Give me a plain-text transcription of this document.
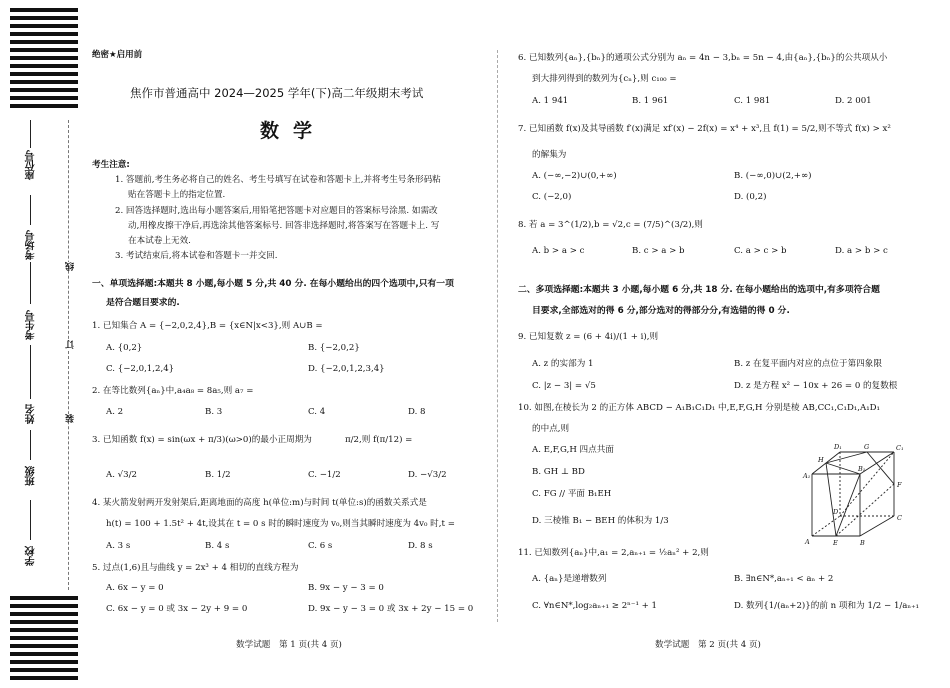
座位号
考场号
考生号
姓名
班级
学校
线
订
装
绝密★启用前
焦作市普通高中 2024—2025 学年(下)高二年级期末考试
数学
考生注意:
1. 答题前,考生务必将自己的姓名、考生号填写在试卷和答题卡上,并将考生号条形码粘
贴在答题卡上的指定位置.
2. 回答选择题时,选出每小题答案后,用铅笔把答题卡对应题目的答案标号涂黑. 如需改
动,用橡皮擦干净后,再选涂其他答案标号. 回答非选择题时,将答案写在答题卡上. 写
在本试卷上无效.
3. 考试结束后,将本试卷和答题卡一并交回.
一、单项选择题:本题共 8 小题,每小题 5 分,共 40 分. 在每小题给出的四个选项中,只有一项
是符合题目要求的.
1. 已知集合 A = {−2,0,2,4},B = {x∈N|x<3},则 A∪B =
A. {0,2}	B. {−2,0,2}
C. {−2,0,1,2,4}	D. {−2,0,1,2,3,4}
2. 在等比数列{aₙ}中,a₄a₈ = 8a₅,则 a₇ =
A. 2	B. 3	C. 4	D. 8
3. 已知函数 f(x) = sin(ωx + π/3)(ω>0)的最小正周期为	π/2,则 f(π/12) =
A. √3/2	B. 1/2	C. −1/2	D. −√3/2
4. 某火箭发射两开发射架后,距离地面的高度 h(单位:m)与时间 t(单位:s)的函数关系式是
h(t) = 100 + 1.5t² + 4t,设其在 t = 0 s 时的瞬时速度为 v₀,则当其瞬时速度为 4v₀ 时,t =
A. 3 s	B. 4 s	C. 6 s	D. 8 s
5. 过点(1,6)且与曲线 y = 2x³ + 4 相切的直线方程为
A. 6x − y = 0	B. 9x − y − 3 = 0
C. 6x − y = 0 或 3x − 2y + 9 = 0	D. 9x − y − 3 = 0 或 3x + 2y − 15 = 0
数学试题　第 1 页(共 4 页)
6. 已知数列{aₙ},{bₙ}的通项公式分别为 aₙ = 4n − 3,bₙ = 5n − 4,由{aₙ},{bₙ}的公共项从小
到大排列得到的数列为{cₙ},则 c₁₀₀ =
A. 1 941	B. 1 961	C. 1 981	D. 2 001
7. 已知函数 f(x)及其导函数 f′(x)满足 xf′(x) − 2f(x) = x⁴ + x³,且 f(1) = 5/2,则不等式 f(x) > x²
的解集为
A. (−∞,−2)∪(0,+∞)	B. (−∞,0)∪(2,+∞)
C. (−2,0)	D. (0,2)
8. 若 a = 3^(1/2),b = √2,c = (7/5)^(3/2),则
A. b > a > c	B. c > a > b	C. a > c > b	D. a > b > c
二、多项选择题:本题共 3 小题,每小题 6 分,共 18 分. 在每小题给出的选项中,有多项符合题
目要求,全部选对的得 6 分,部分选对的得部分分,有选错的得 0 分.
9. 已知复数 z = (6 + 4i)/(1 + i),则
A. z 的实部为 1	B. z 在复平面内对应的点位于第四象限
C. |z − 3| = √5	D. z 是方程 x² − 10x + 26 = 0 的复数根
10. 如图,在棱长为 2 的正方体 ABCD − A₁B₁C₁D₁ 中,E,F,G,H 分别是棱 AB,CC₁,C₁D₁,A₁D₁
的中点,则
A. E,F,G,H 四点共面
B. GH ⊥ BD
C. FG // 平面 B₁EH
D. 三棱锥 B₁ − BEH 的体积为 1/3
D₁	G	C₁
H
A₁
B₁
F
D
C
A	E	B
11. 已知数列{aₙ}中,a₁ = 2,aₙ₊₁ = ½aₙ² + 2,则
A. {aₙ}是递增数列	B. ∃n∈N*,aₙ₊₁ < aₙ + 2
C. ∀n∈N*,log₂aₙ₊₁ ≥ 2ⁿ⁻¹ + 1	D. 数列{1/(aₙ+2)}的前 n 项和为 1/2 − 1/aₙ₊₁
数学试题　第 2 页(共 4 页)
